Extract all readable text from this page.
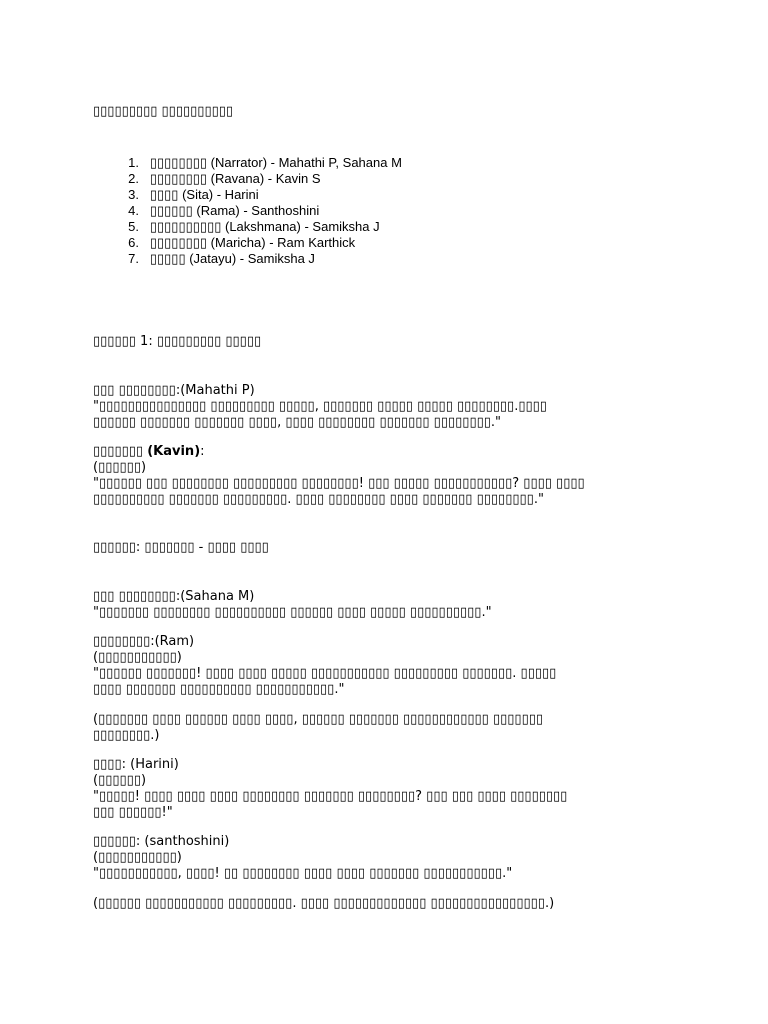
▯▯▯▯▯▯▯▯▯ ▯▯▯▯▯▯▯▯▯▯
1. ▯▯▯▯▯▯▯▯ (Narrator) - Mahathi P, Sahana M
2. ▯▯▯▯▯▯▯▯ (Ravana) - Kavin S
3. ▯▯▯▯ (Sita) - Harini
4. ▯▯▯▯▯▯ (Rama) - Santhoshini
5. ▯▯▯▯▯▯▯▯▯▯ (Lakshmana) - Samiksha J
6. ▯▯▯▯▯▯▯▯ (Maricha) - Ram Karthick
7. ▯▯▯▯▯ (Jatayu) - Samiksha J
▯▯▯▯▯▯ 1: ▯▯▯▯▯▯▯▯▯ ▯▯▯▯▯
▯▯▯ ▯▯▯▯▯▯▯▯:(Mahathi P)
"▯▯▯▯▯▯▯▯▯▯▯▯▯▯▯ ▯▯▯▯▯▯▯▯▯ ▯▯▯▯▯, ▯▯▯▯▯▯▯ ▯▯▯▯▯ ▯▯▯▯▯ ▯▯▯▯▯▯▯▯.▯▯▯▯
▯▯▯▯▯▯ ▯▯▯▯▯▯▯ ▯▯▯▯▯▯▯ ▯▯▯▯, ▯▯▯▯ ▯▯▯▯▯▯▯▯ ▯▯▯▯▯▯▯ ▯▯▯▯▯▯▯▯."
▯▯▯▯▯▯▯ (Kavin):
(▯▯▯▯▯▯)
"▯▯▯▯▯▯ ▯▯▯ ▯▯▯▯▯▯▯▯ ▯▯▯▯▯▯▯▯▯ ▯▯▯▯▯▯▯▯! ▯▯▯ ▯▯▯▯▯ ▯▯▯▯▯▯▯▯▯▯▯? ▯▯▯▯ ▯▯▯▯
▯▯▯▯▯▯▯▯▯▯ ▯▯▯▯▯▯▯ ▯▯▯▯▯▯▯▯▯. ▯▯▯▯ ▯▯▯▯▯▯▯▯ ▯▯▯▯ ▯▯▯▯▯▯▯ ▯▯▯▯▯▯▯▯."
▯▯▯▯▯▯: ▯▯▯▯▯▯▯ - ▯▯▯▯ ▯▯▯▯
▯▯▯ ▯▯▯▯▯▯▯▯:(Sahana M)
"▯▯▯▯▯▯▯ ▯▯▯▯▯▯▯▯ ▯▯▯▯▯▯▯▯▯▯ ▯▯▯▯▯▯ ▯▯▯▯ ▯▯▯▯▯ ▯▯▯▯▯▯▯▯▯▯."
▯▯▯▯▯▯▯▯:(Ram)
(▯▯▯▯▯▯▯▯▯▯▯)
"▯▯▯▯▯▯ ▯▯▯▯▯▯▯! ▯▯▯▯ ▯▯▯▯ ▯▯▯▯▯ ▯▯▯▯▯▯▯▯▯▯▯ ▯▯▯▯▯▯▯▯▯ ▯▯▯▯▯▯▯. ▯▯▯▯▯
▯▯▯▯ ▯▯▯▯▯▯▯ ▯▯▯▯▯▯▯▯▯▯ ▯▯▯▯▯▯▯▯▯▯▯."
(▯▯▯▯▯▯▯ ▯▯▯▯ ▯▯▯▯▯▯ ▯▯▯▯ ▯▯▯▯, ▯▯▯▯▯▯ ▯▯▯▯▯▯▯ ▯▯▯▯▯▯▯▯▯▯▯▯ ▯▯▯▯▯▯▯
▯▯▯▯▯▯▯▯.)
▯▯▯▯: (Harini)
(▯▯▯▯▯▯)
"▯▯▯▯▯! ▯▯▯▯ ▯▯▯▯ ▯▯▯▯ ▯▯▯▯▯▯▯▯ ▯▯▯▯▯▯▯ ▯▯▯▯▯▯▯▯? ▯▯▯ ▯▯▯ ▯▯▯▯ ▯▯▯▯▯▯▯▯
▯▯▯ ▯▯▯▯▯▯!"
▯▯▯▯▯▯: (santhoshini)
(▯▯▯▯▯▯▯▯▯▯▯)
"▯▯▯▯▯▯▯▯▯▯▯, ▯▯▯▯! ▯▯ ▯▯▯▯▯▯▯▯ ▯▯▯▯ ▯▯▯▯ ▯▯▯▯▯▯▯ ▯▯▯▯▯▯▯▯▯▯▯."
(▯▯▯▯▯▯ ▯▯▯▯▯▯▯▯▯▯▯ ▯▯▯▯▯▯▯▯▯. ▯▯▯▯ ▯▯▯▯▯▯▯▯▯▯▯▯▯ ▯▯▯▯▯▯▯▯▯▯▯▯▯▯▯▯.)
